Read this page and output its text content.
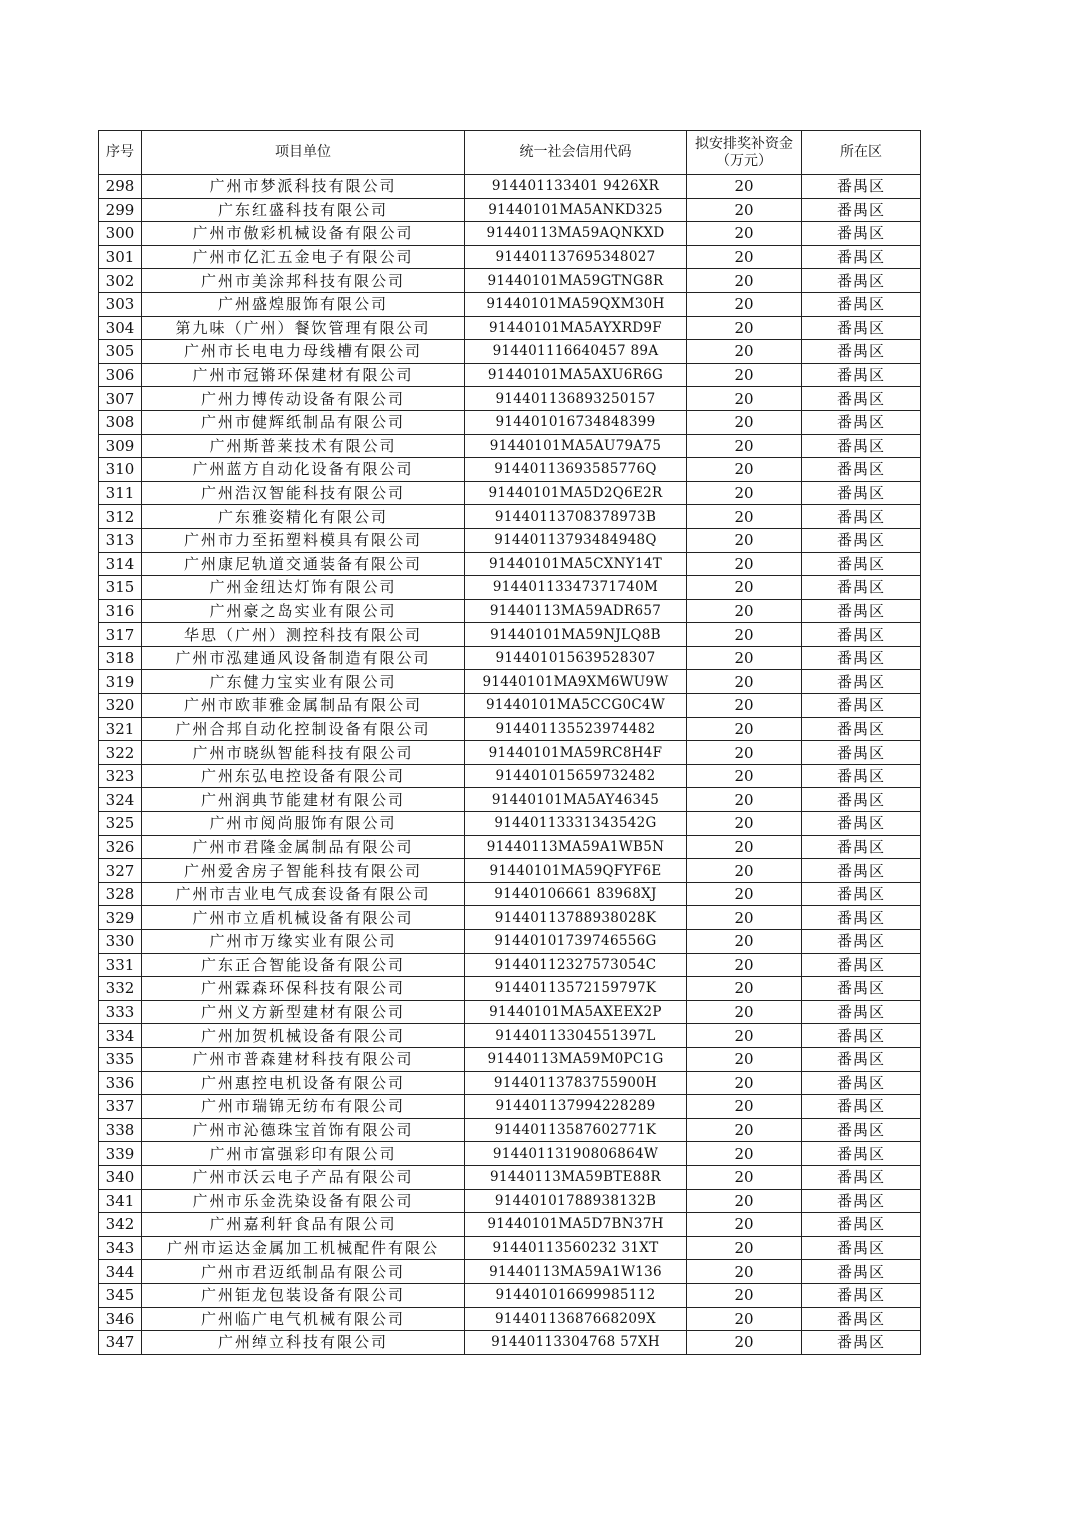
序号	项目单位	统一社会信用代码	拟安排奖补资金
（万元）	所在区
298	广州市梦派科技有限公司	914401133401 9426XR	20	番禺区
299	广东红盛科技有限公司	91440101MA5ANKD325	20	番禺区
300	广州市傲彩机械设备有限公司	91440113MA59AQNKXD	20	番禺区
301	广州市亿汇五金电子有限公司	914401137695348027	20	番禺区
302	广州市美涂邦科技有限公司	91440101MA59GTNG8R	20	番禺区
303	广州盛煌服饰有限公司	91440101MA59QXM30H	20	番禺区
304	第九味（广州）餐饮管理有限公司	91440101MA5AYXRD9F	20	番禺区
305	广州市长电电力母线槽有限公司	914401116640457 89A	20	番禺区
306	广州市冠锵环保建材有限公司	91440101MA5AXU6R6G	20	番禺区
307	广州力博传动设备有限公司	914401136893250157	20	番禺区
308	广州市健辉纸制品有限公司	914401016734848399	20	番禺区
309	广州斯普莱技术有限公司	91440101MA5AU79A75	20	番禺区
310	广州蓝方自动化设备有限公司	91440113693585776Q	20	番禺区
311	广州浩汉智能科技有限公司	91440101MA5D2Q6E2R	20	番禺区
312	广东雅姿精化有限公司	91440113708378973B	20	番禺区
313	广州市力至拓塑料模具有限公司	91440113793484948Q	20	番禺区
314	广州康尼轨道交通装备有限公司	91440101MA5CXNY14T	20	番禺区
315	广州金纽达灯饰有限公司	91440113347371740M	20	番禺区
316	广州豪之岛实业有限公司	91440113MA59ADR657	20	番禺区
317	华思（广州）测控科技有限公司	91440101MA59NJLQ8B	20	番禺区
318	广州市泓建通风设备制造有限公司	914401015639528307	20	番禺区
319	广东健力宝实业有限公司	91440101MA9XM6WU9W	20	番禺区
320	广州市欧菲雅金属制品有限公司	91440101MA5CCG0C4W	20	番禺区
321	广州合邦自动化控制设备有限公司	914401135523974482	20	番禺区
322	广州市晓纵智能科技有限公司	91440101MA59RC8H4F	20	番禺区
323	广州东弘电控设备有限公司	914401015659732482	20	番禺区
324	广州润典节能建材有限公司	91440101MA5AY46345	20	番禺区
325	广州市阅尚服饰有限公司	91440113331343542G	20	番禺区
326	广州市君隆金属制品有限公司	91440113MA59A1WB5N	20	番禺区
327	广州爱舍房子智能科技有限公司	91440101MA59QFYF6E	20	番禺区
328	广州市吉业电气成套设备有限公司	91440106661 83968XJ	20	番禺区
329	广州市立盾机械设备有限公司	91440113788938028K	20	番禺区
330	广州市万缘实业有限公司	91440101739746556G	20	番禺区
331	广东正合智能设备有限公司	91440112327573054C	20	番禺区
332	广州霖森环保科技有限公司	91440113572159797K	20	番禺区
333	广州义方新型建材有限公司	91440101MA5AXEEX2P	20	番禺区
334	广州加贺机械设备有限公司	91440113304551397L	20	番禺区
335	广州市普森建材科技有限公司	91440113MA59M0PC1G	20	番禺区
336	广州惠控电机设备有限公司	91440113783755900H	20	番禺区
337	广州市瑞锦无纺布有限公司	914401137994228289	20	番禺区
338	广州市沁德珠宝首饰有限公司	91440113587602771K	20	番禺区
339	广州市富强彩印有限公司	91440113190806864W	20	番禺区
340	广州市沃云电子产品有限公司	91440113MA59BTE88R	20	番禺区
341	广州市乐金洗染设备有限公司	91440101788938132B	20	番禺区
342	广州嘉利轩食品有限公司	91440101MA5D7BN37H	20	番禺区
343	广州市运达金属加工机械配件有限公	91440113560232 31XT	20	番禺区
344	广州市君迈纸制品有限公司	91440113MA59A1W136	20	番禺区
345	广州钜龙包装设备有限公司	914401016699985112	20	番禺区
346	广州临广电气机械有限公司	91440113687668209X	20	番禺区
347	广州绰立科技有限公司	91440113304768 57XH	20	番禺区
